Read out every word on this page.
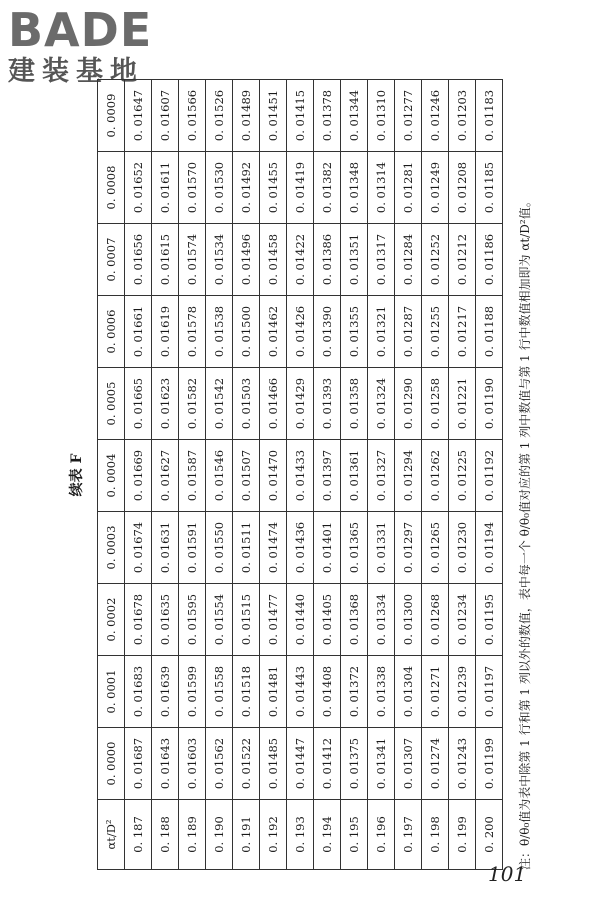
BADE
建装基地
续表 F
αt/D²	0. 0000	0. 0001	0. 0002	0. 0003	0. 0004	0. 0005	0. 0006	0. 0007	0. 0008	0. 0009
0. 187	0. 01687	0. 01683	0. 01678	0. 01674	0. 01669	0. 01665	0. 01661	0. 01656	0. 01652	0. 01647
0. 188	0. 01643	0. 01639	0. 01635	0. 01631	0. 01627	0. 01623	0. 01619	0. 01615	0. 01611	0. 01607
0. 189	0. 01603	0. 01599	0. 01595	0. 01591	0. 01587	0. 01582	0. 01578	0. 01574	0. 01570	0. 01566
0. 190	0. 01562	0. 01558	0. 01554	0. 01550	0. 01546	0. 01542	0. 01538	0. 01534	0. 01530	0. 01526
0. 191	0. 01522	0. 01518	0. 01515	0. 01511	0. 01507	0. 01503	0. 01500	0. 01496	0. 01492	0. 01489
0. 192	0. 01485	0. 01481	0. 01477	0. 01474	0. 01470	0. 01466	0. 01462	0. 01458	0. 01455	0. 01451
0. 193	0. 01447	0. 01443	0. 01440	0. 01436	0. 01433	0. 01429	0. 01426	0. 01422	0. 01419	0. 01415
0. 194	0. 01412	0. 01408	0. 01405	0. 01401	0. 01397	0. 01393	0. 01390	0. 01386	0. 01382	0. 01378
0. 195	0. 01375	0. 01372	0. 01368	0. 01365	0. 01361	0. 01358	0. 01355	0. 01351	0. 01348	0. 01344
0. 196	0. 01341	0. 01338	0. 01334	0. 01331	0. 01327	0. 01324	0. 01321	0. 01317	0. 01314	0. 01310
0. 197	0. 01307	0. 01304	0. 01300	0. 01297	0. 01294	0. 01290	0. 01287	0. 01284	0. 01281	0. 01277
0. 198	0. 01274	0. 01271	0. 01268	0. 01265	0. 01262	0. 01258	0. 01255	0. 01252	0. 01249	0. 01246
0. 199	0. 01243	0. 01239	0. 01234	0. 01230	0. 01225	0. 01221	0. 01217	0. 01212	0. 01208	0. 01203
0. 200	0. 01199	0. 01197	0. 01195	0. 01194	0. 01192	0. 01190	0. 01188	0. 01186	0. 01185	0. 01183
注：θ/θ₀值为表中除第 1 行和第 1 列以外的数值，表中每一个 θ/θ₀值对应的第 1 列中数值与第 1 行中数值相加即为 αt/D²值。
101
